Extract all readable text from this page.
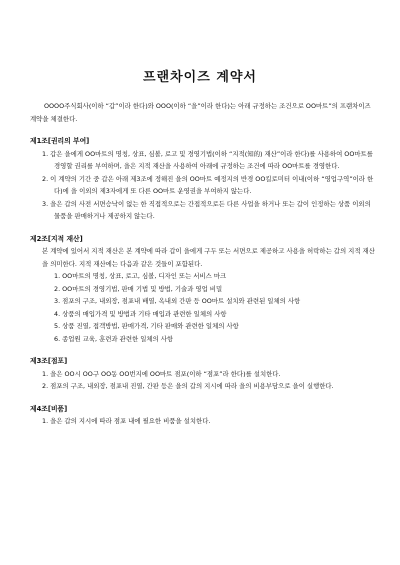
프랜차이즈 계약서

OOOO주식회사(이하 “갑”이라 한다)와 OOO(이하 “을”이라 한다)는 아래 규정하는 조건으로 OO마트”의 프랜차이즈 계약을 체결한다.

제1조[권리의 부여]

1. 갑은 을에게 OO마트의 명칭, 상표, 심볼, 로고 및 경영기법(이하 “지적(知的) 재산”이라 한다)를 사용하여 OO마트를 경영할 권리를 부여하며, 을은 지적 재산을 사용하여 아래에 규정하는 조건에 따라 OO마트를 경영한다.

2. 이 계약의 기간 중 갑은 아래 제3조에 정해진 을의 OO마트 예정지의 반경 OO킬로미터 이내(이하 “영업구역”이라 한다)에 을 이외의 제3자에게 또 다른 OO마트 운영권을 부여하지 않는다.

3. 을은 갑의 사전 서면승낙이 없는 한 직접적으로는 간접적으로든 다른 사업을 하거나 또는 갑이 인정하는 상품 이외의 물품을 판매하거나 제공하지 않는다.

제2조[지적 재산]

본 계약에 있어서 지적 재산은 본 계약에 따라 갑이 을에게 구두 또는 서면으로 제공하고 사용을 허락하는 갑의 지적 재산을 의미한다. 지적 재산에는 다음과 같은 것들이 포함된다.

1. OO마트의 명칭, 상표, 로고, 심볼, 디자인 또는 서비스 마크

2. OO마트의 경영기법, 판매 기법 및 방법, 기술과 영업 비밀

3. 점포의 구조, 내외장, 점포내 배열, 옥내외 간판 등 OO마트 설치와 관련된 일체의 사항

4. 상품의 매입가격 및 방법과 기타 매입과 관련한 일체의 사항

5. 상품 진열, 접객방법, 판매가격, 기타 판매와 관련한 일체의 사항

6. 종업원 교육, 훈련과 관련한 일체의 사항

제3조[점포]

1. 을은 OO시 OO구 OO동 OO번지에 OO마트 점포(이하 “점포”라 한다)를 설치한다.

2. 점포의 구조, 내외장, 점포내 진열, 간판 등은 을의 갑의 지시에 따라 을의 비용부담으로 을이 실행한다.

제4조[비품]

1. 을은 갑의 지시에 따라 점포 내에 필요한 비품을 설치한다.
